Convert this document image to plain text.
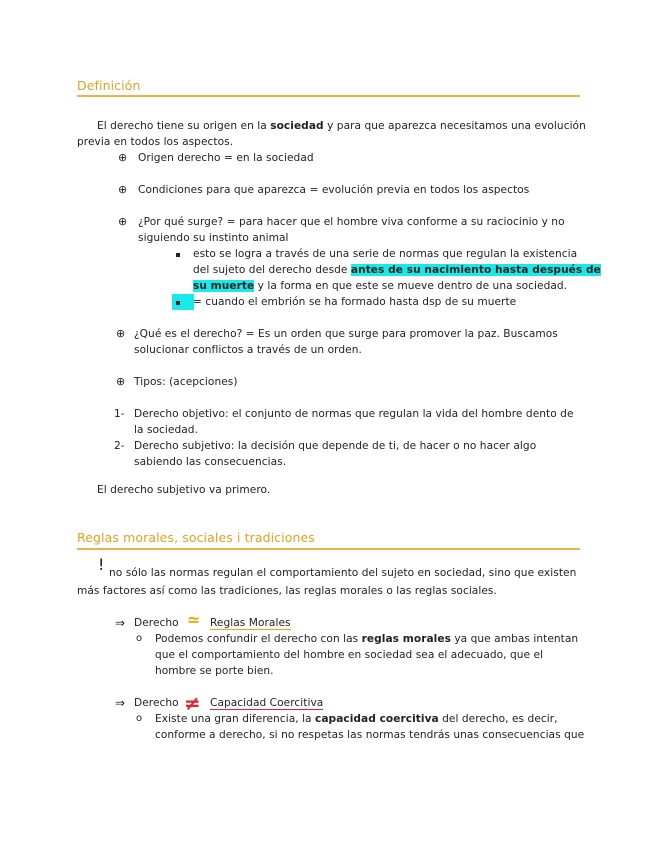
Definición
El derecho tiene su origen en la sociedad y para que aparezca necesitamos una evolución
previa en todos los aspectos.
⊕ Origen derecho = en la sociedad
⊕ Condiciones para que aparezca = evolución previa en todos los aspectos
⊕ ¿Por qué surge? = para hacer que el hombre viva conforme a su raciocinio y no
siguiendo su instinto animal
esto se logra a través de una serie de normas que regulan la existencia
del sujeto del derecho desde antes de su nacimiento hasta después de
su muerte y la forma en que este se mueve dentro de una sociedad.
= cuando el embrión se ha formado hasta dsp de su muerte
⊕ ¿Qué es el derecho? = Es un orden que surge para promover la paz. Buscamos
solucionar conflictos a través de un orden.
⊕ Tipos: (acepciones)
1- Derecho objetivo: el conjunto de normas que regulan la vida del hombre dento de
la sociedad.
2- Derecho subjetivo: la decisión que depende de ti, de hacer o no hacer algo
sabiendo las consecuencias.
El derecho subjetivo va primero.
Reglas morales, sociales i tradiciones
! no sólo las normas regulan el comportamiento del sujeto en sociedad, sino que existen
más factores así como las tradiciones, las reglas morales o las reglas sociales.
⇒ Derecho ≃ Reglas Morales
o Podemos confundir el derecho con las reglas morales ya que ambas intentan
que el comportamiento del hombre en sociedad sea el adecuado, que el
hombre se porte bien.
⇒ Derecho ≠ Capacidad Coercitiva
o Existe una gran diferencia, la capacidad coercitiva del derecho, es decir,
conforme a derecho, si no respetas las normas tendrás unas consecuencias que
